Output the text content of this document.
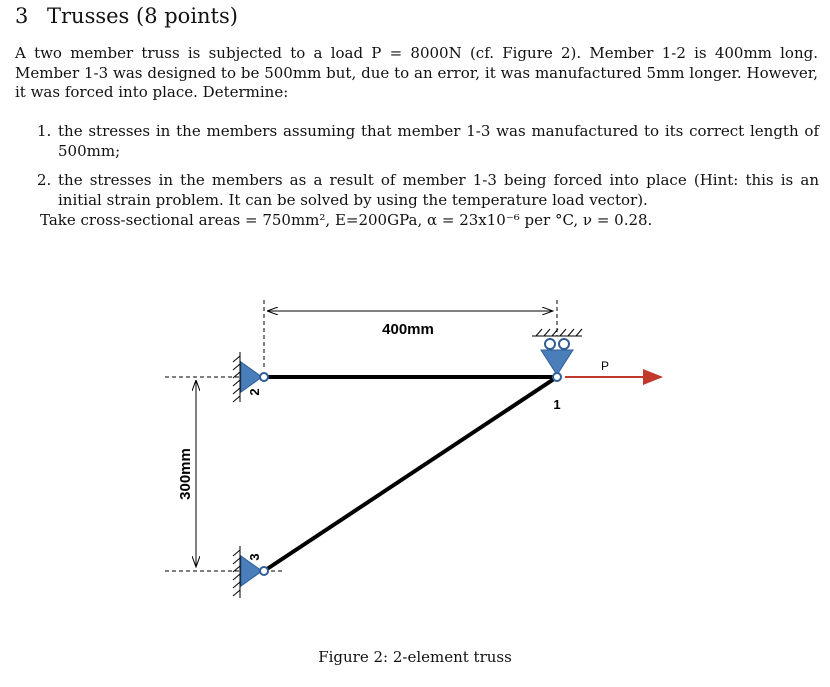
3 Trusses (8 points)
A two member truss is subjected to a load P = 8000N (cf. Figure 2). Member 1-2 is 400mm long. Member 1-3 was designed to be 500mm but, due to an error, it was manufactured 5mm longer. However, it was forced into place. Determine:
1. the stresses in the members assuming that member 1-3 was manufactured to its correct length of 500mm;
2. the stresses in the members as a result of member 1-3 being forced into place (Hint: this is an initial strain problem. It can be solved by using the temperature load vector).
Take cross-sectional areas = 750mm², E=200GPa, α = 23x10⁻⁶ per °C, ν = 0.28.
400mm
300mm
P
1
2
3
Figure 2: 2-element truss
